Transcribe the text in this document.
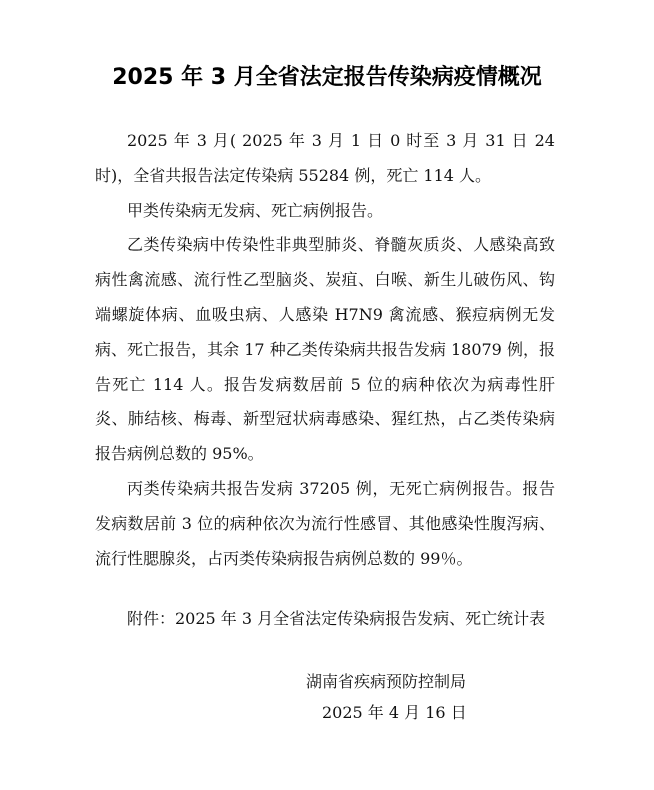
2025 年 3 月全省法定报告传染病疫情概况

2025 年 3 月( 2025 年 3 月 1 日 0 时至 3 月 31 日 24 时)，全省共报告法定传染病 55284 例，死亡 114 人。

甲类传染病无发病、死亡病例报告。

乙类传染病中传染性非典型肺炎、脊髓灰质炎、人感染高致病性禽流感、流行性乙型脑炎、炭疽、白喉、新生儿破伤风、钩端螺旋体病、血吸虫病、人感染 H7N9 禽流感、猴痘病例无发病、死亡报告，其余 17 种乙类传染病共报告发病 18079 例，报告死亡 114 人。报告发病数居前 5 位的病种依次为病毒性肝炎、肺结核、梅毒、新型冠状病毒感染、猩红热，占乙类传染病报告病例总数的 95%。

丙类传染病共报告发病 37205 例，无死亡病例报告。报告发病数居前 3 位的病种依次为流行性感冒、其他感染性腹泻病、流行性腮腺炎，占丙类传染病报告病例总数的 99％。

附件：2025 年 3 月全省法定传染病报告发病、死亡统计表
湖南省疾病预防控制局
2025 年 4 月 16 日
